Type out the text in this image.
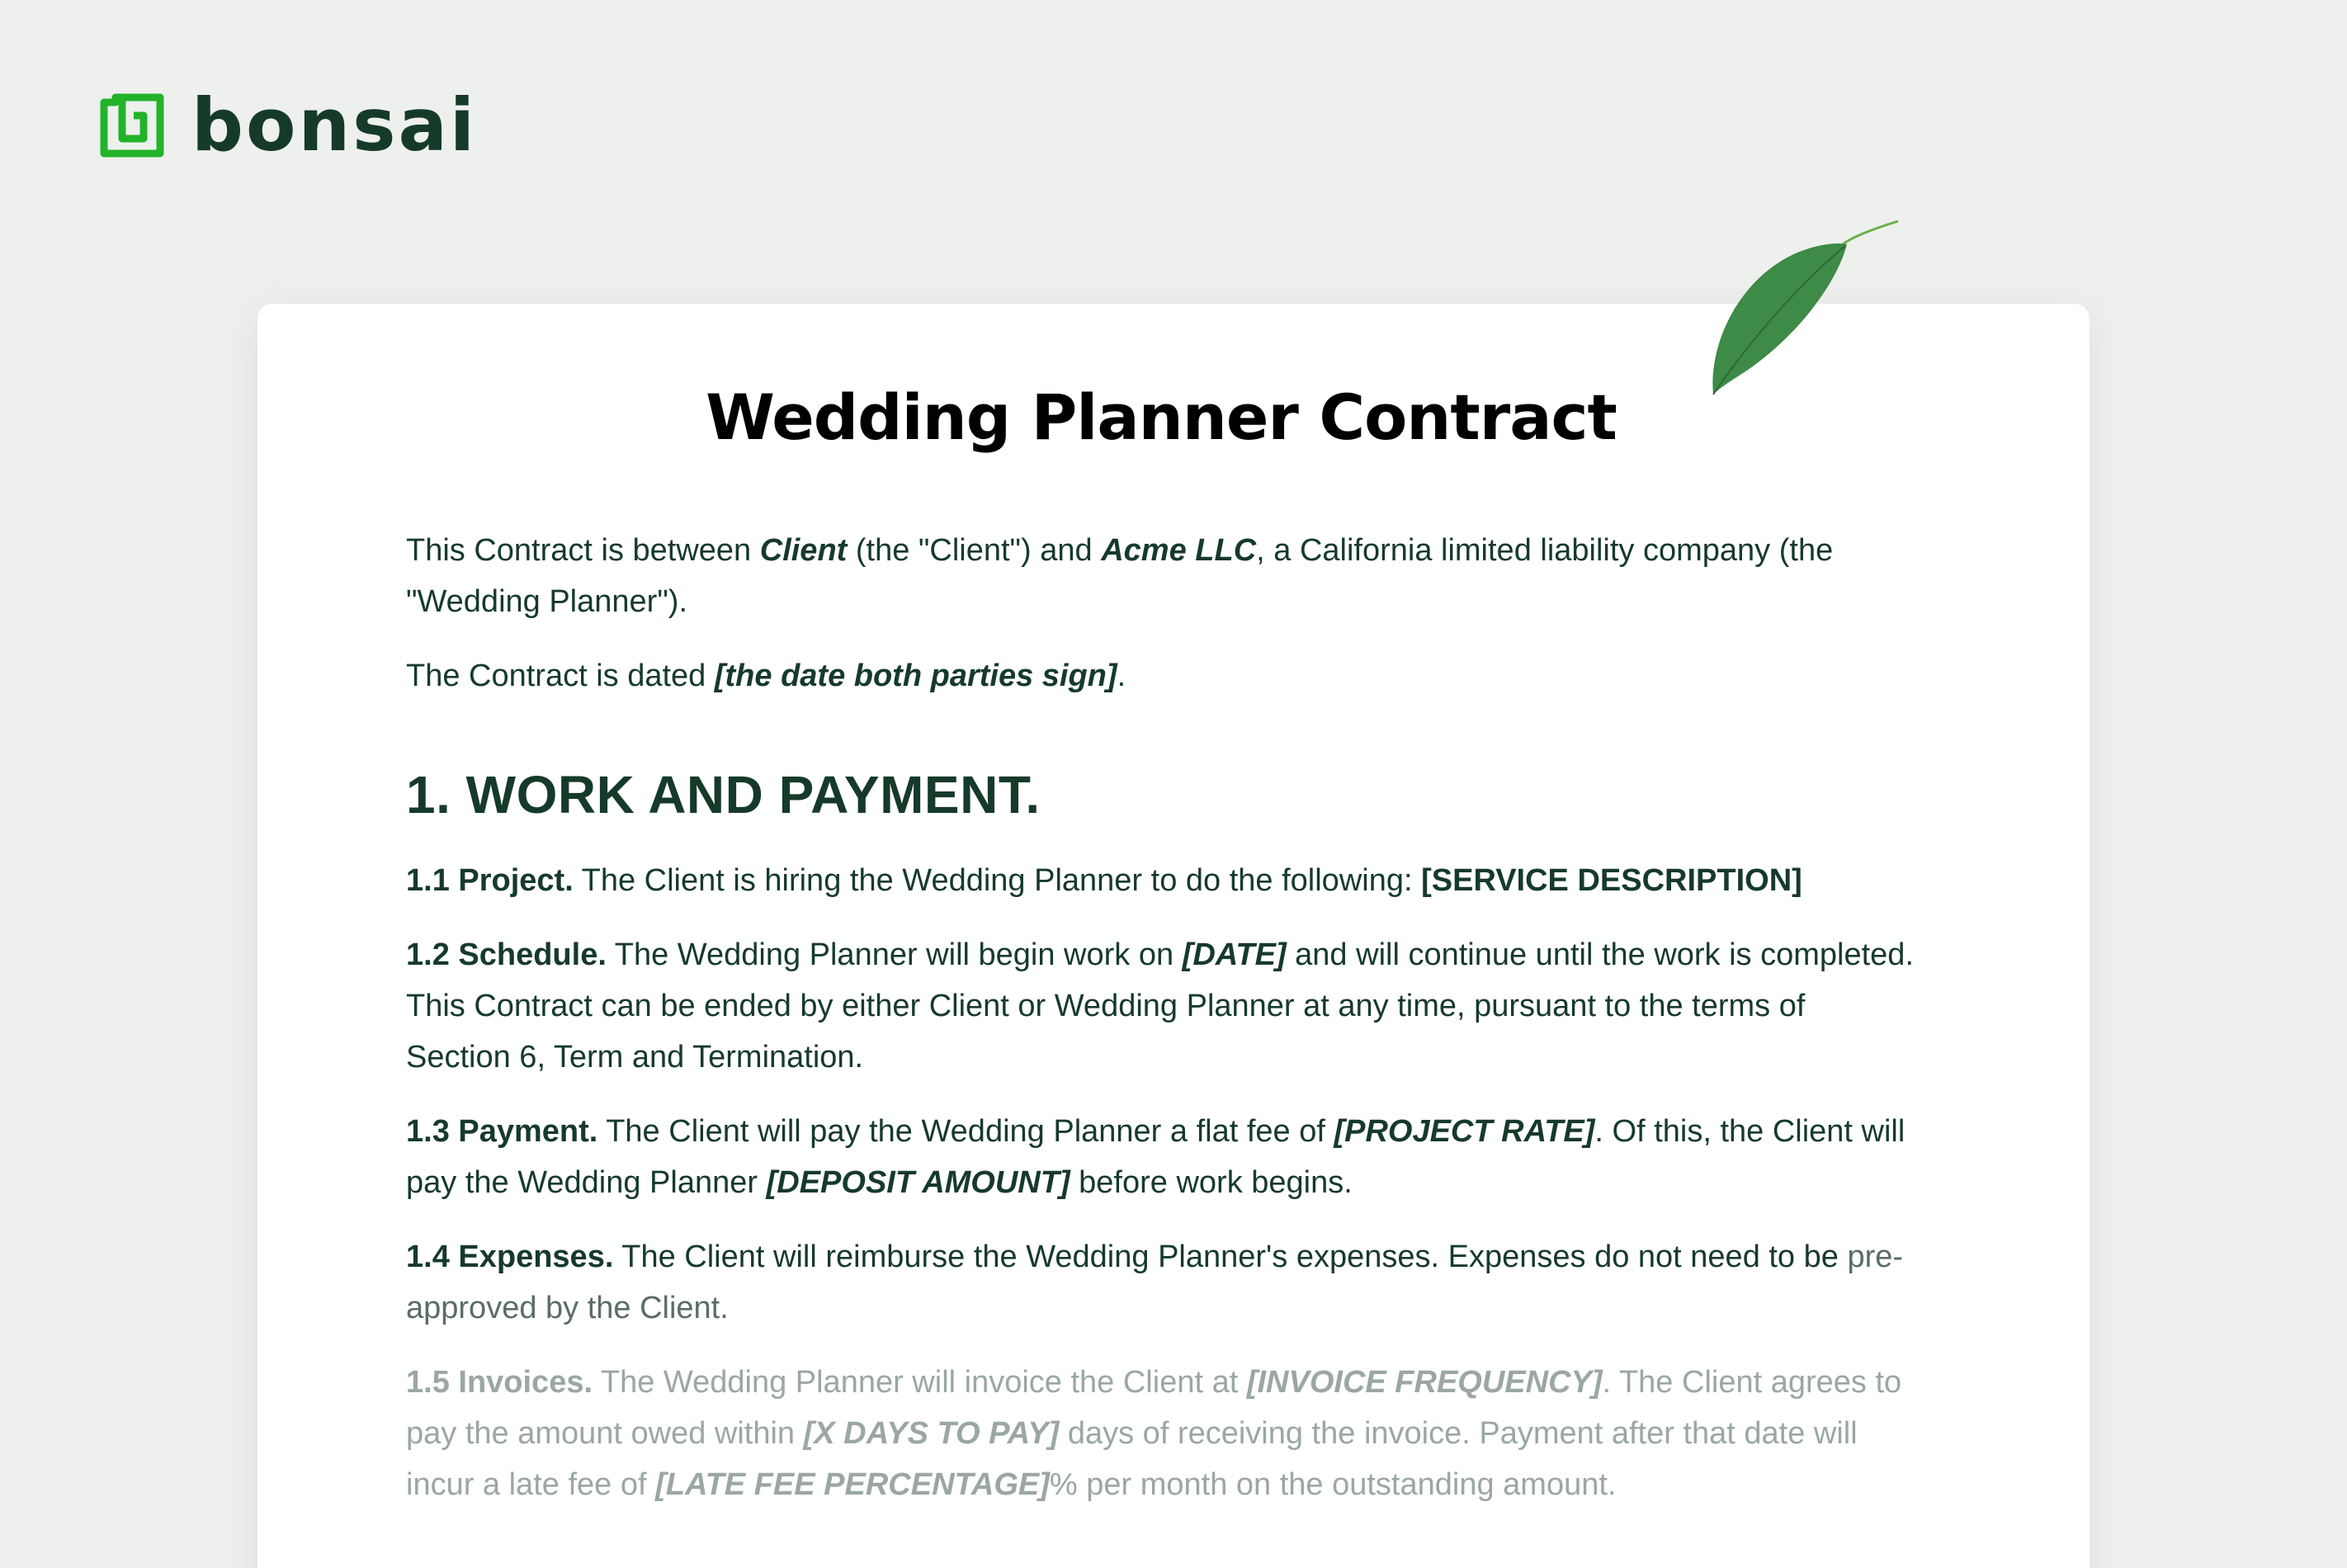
bonsai
Wedding Planner Contract

This Contract is between Client (the "Client") and Acme LLC, a California limited liability company (the "Wedding Planner").

The Contract is dated [the date both parties sign].

1. WORK AND PAYMENT.

1.1 Project. The Client is hiring the Wedding Planner to do the following: [SERVICE DESCRIPTION]

1.2 Schedule. The Wedding Planner will begin work on [DATE] and will continue until the work is completed. This Contract can be ended by either Client or Wedding Planner at any time, pursuant to the terms of Section 6, Term and Termination.

1.3 Payment. The Client will pay the Wedding Planner a flat fee of [PROJECT RATE]. Of this, the Client will pay the Wedding Planner [DEPOSIT AMOUNT] before work begins.

1.4 Expenses. The Client will reimburse the Wedding Planner's expenses. Expenses do not need to be pre-approved by the Client.

1.5 Invoices. The Wedding Planner will invoice the Client at [INVOICE FREQUENCY]. The Client agrees to pay the amount owed within [X DAYS TO PAY] days of receiving the invoice. Payment after that date will incur a late fee of [LATE FEE PERCENTAGE]% per month on the outstanding amount.
